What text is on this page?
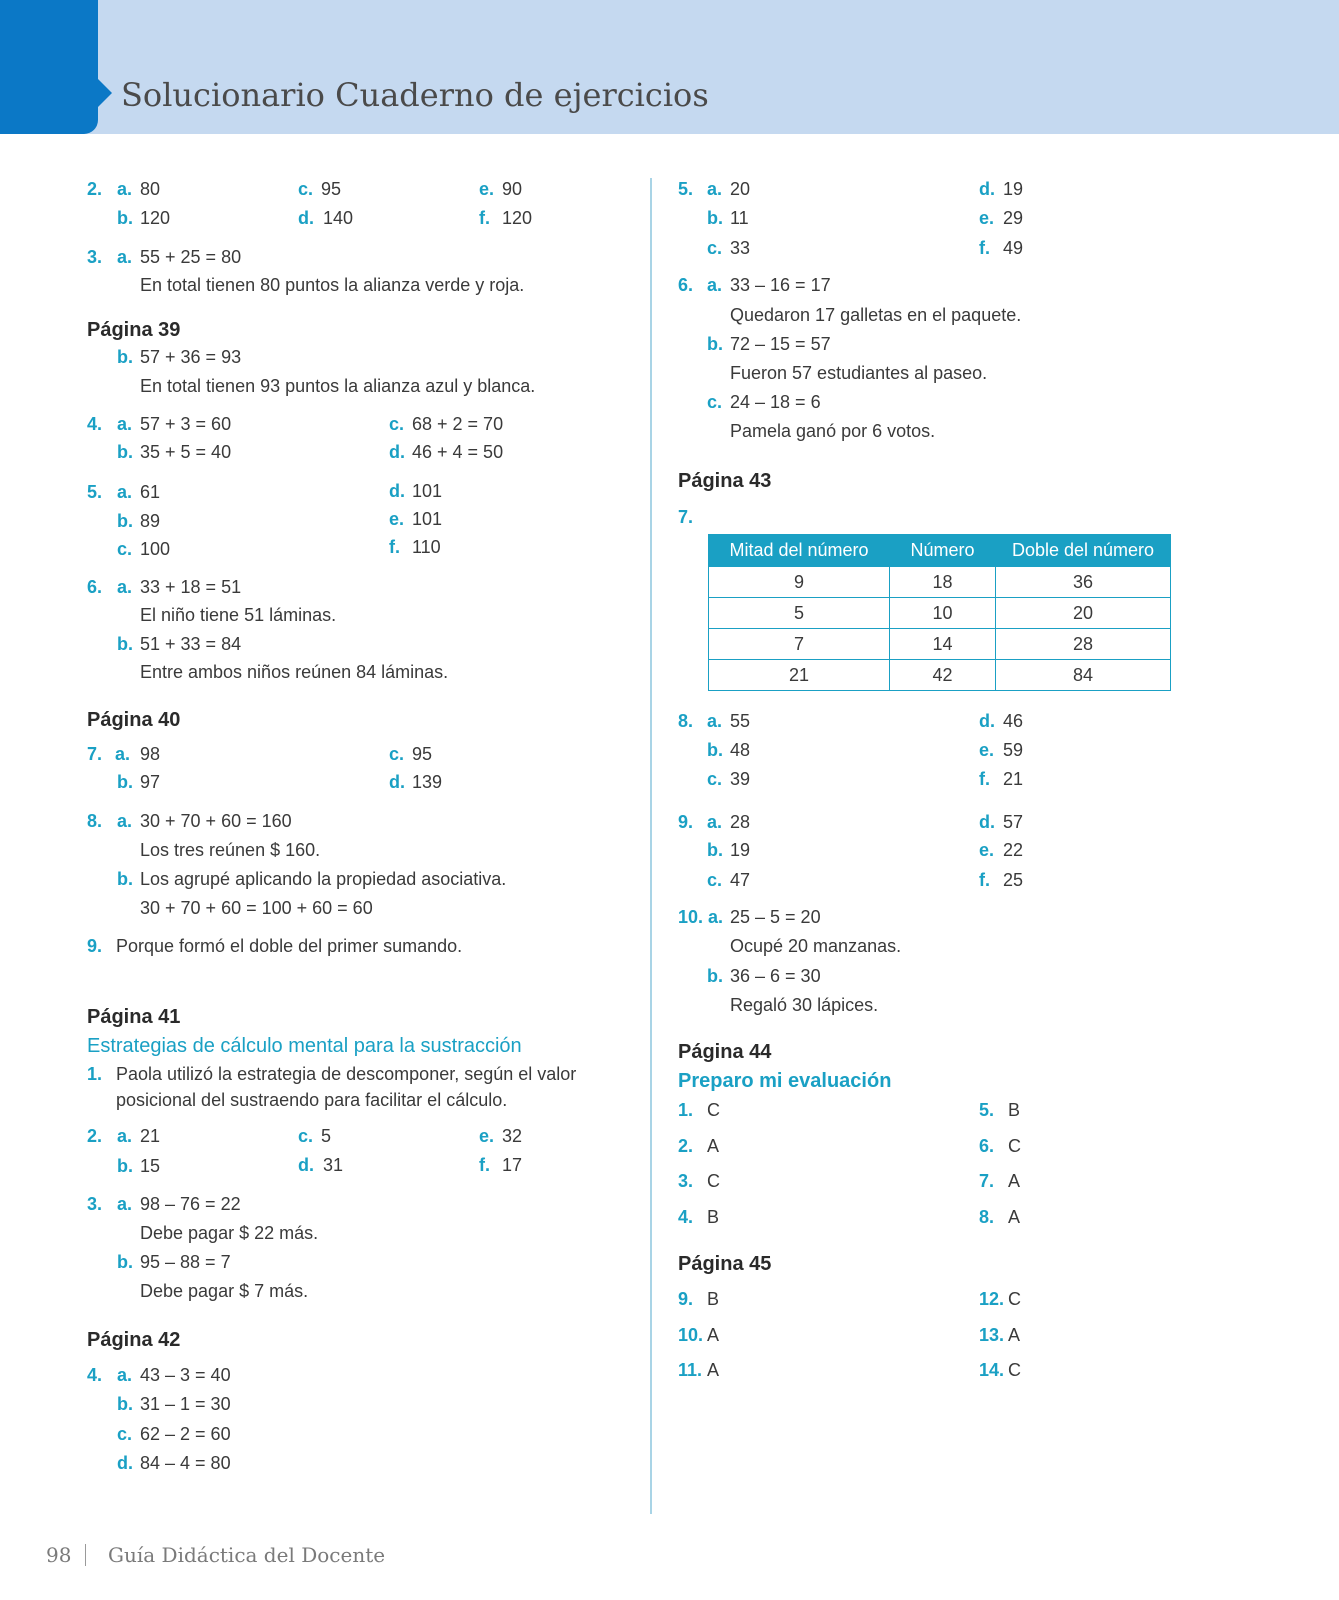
Solucionario Cuaderno de ejercicios
2. a. 80
b. 120
c. 95
d. 140
e. 90
f. 120
3. a. 55 + 25 = 80
En total tienen 80 puntos la alianza verde y roja.
Página 39
b. 57 + 36 = 93
En total tienen 93 puntos la alianza azul y blanca.
4. a. 57 + 3 = 60
b. 35 + 5 = 40
c. 68 + 2 = 70
d. 46 + 4 = 50
5. a. 61
b. 89
c. 100
d. 101
e. 101
f. 110
6. a. 33 + 18 = 51
El niño tiene 51 láminas.
b. 51 + 33 = 84
Entre ambos niños reúnen 84 láminas.
Página 40
7. a. 98
b. 97
c. 95
d. 139
8. a. 30 + 70 + 60 = 160
Los tres reúnen $ 160.
b. Los agrupé aplicando la propiedad asociativa.
30 + 70 + 60 = 100 + 60 = 60
9. Porque formó el doble del primer sumando.
Página 41
Estrategias de cálculo mental para la sustracción
1. Paola utilizó la estrategia de descomponer, según el valor
posicional del sustraendo para facilitar el cálculo.
2. a. 21
b. 15
c. 5
d. 31
e. 32
f. 17
3. a. 98 – 76 = 22
Debe pagar $ 22 más.
b. 95 – 88 = 7
Debe pagar $ 7 más.
Página 42
4. a. 43 – 3 = 40
b. 31 – 1 = 30
c. 62 – 2 = 60
d. 84 – 4 = 80
5. a. 20
b. 11
c. 33
d. 19
e. 29
f. 49
6. a. 33 – 16 = 17
Quedaron 17 galletas en el paquete.
b. 72 – 15 = 57
Fueron 57 estudiantes al paseo.
c. 24 – 18 = 6
Pamela ganó por 6 votos.
Página 43
7.
Mitad del número	Número	Doble del número
9	18	36
5	10	20
7	14	28
21	42	84
8. a. 55
b. 48
c. 39
d. 46
e. 59
f. 21
9. a. 28
b. 19
c. 47
d. 57
e. 22
f. 25
10. a. 25 – 5 = 20
Ocupé 20 manzanas.
b. 36 – 6 = 30
Regaló 30 lápices.
Página 44
Preparo mi evaluación
1. C
2. A
3. C
4. B
5. B
6. C
7. A
8. A
Página 45
9. B
10. A
11. A
12. C
13. A
14. C
98 Guía Didáctica del Docente
